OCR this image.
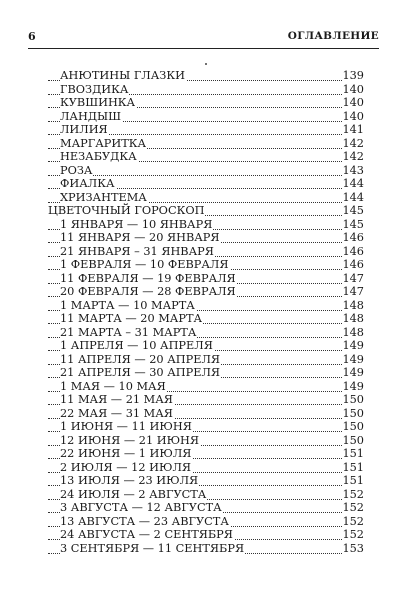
6	ОГЛАВЛЕНИЕ
АНЮТИНЫ ГЛАЗКИ	139
ГВОЗДИКА	140
КУВШИНКА	140
ЛАНДЫШ	140
ЛИЛИЯ	141
МАРГАРИТКА	142
НЕЗАБУДКА	142
РОЗА	143
ФИАЛКА	144
ХРИЗАНТЕМА	144
ЦВЕТОЧНЫЙ ГОРОСКОП	145
1 ЯНВАРЯ — 10 ЯНВАРЯ	145
11 ЯНВАРЯ — 20 ЯНВАРЯ	146
21 ЯНВАРЯ – 31 ЯНВАРЯ	146
1 ФЕВРАЛЯ — 10 ФЕВРАЛЯ	146
11 ФЕВРАЛЯ — 19 ФЕВРАЛЯ	147
20 ФЕВРАЛЯ — 28 ФЕВРАЛЯ	147
1 МАРТА — 10 МАРТА	148
11 МАРТА — 20 МАРТА	148
21 МАРТА – 31 МАРТА	148
1 АПРЕЛЯ — 10 АПРЕЛЯ	149
11 АПРЕЛЯ — 20 АПРЕЛЯ	149
21 АПРЕЛЯ — 30 АПРЕЛЯ	149
1 МАЯ — 10 МАЯ	149
11 МАЯ — 21 МАЯ	150
22 МАЯ — 31 МАЯ	150
1 ИЮНЯ — 11 ИЮНЯ	150
12 ИЮНЯ — 21 ИЮНЯ	150
22 ИЮНЯ — 1 ИЮЛЯ	151
2 ИЮЛЯ — 12 ИЮЛЯ	151
13 ИЮЛЯ — 23 ИЮЛЯ	151
24 ИЮЛЯ — 2 АВГУСТА	152
3 АВГУСТА — 12 АВГУСТА	152
13 АВГУСТА — 23 АВГУСТА	152
24 АВГУСТА — 2 СЕНТЯБРЯ	152
3 СЕНТЯБРЯ — 11 СЕНТЯБРЯ	153
